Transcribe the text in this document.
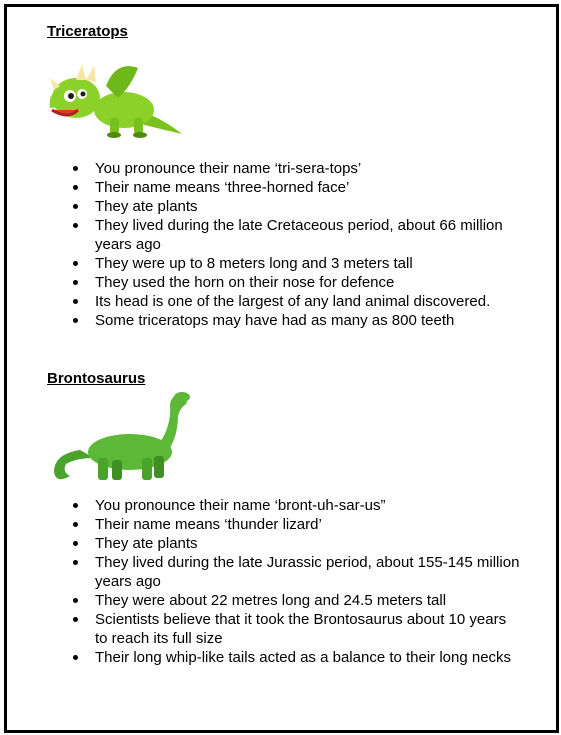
Triceratops
You pronounce their name ‘tri-sera-tops’
Their name means ‘three-horned face’
They ate plants
They lived during the late Cretaceous period, about 66 million years ago
They were up to 8 meters long and 3 meters tall
They used the horn on their nose for defence
Its head is one of the largest of any land animal discovered.
Some triceratops may have had as many as 800 teeth
Brontosaurus
You pronounce their name ‘bront-uh-sar-us”
Their name means ‘thunder lizard’
They ate plants
They lived during the late Jurassic period, about 155-145 million years ago
They were about 22 metres long and 24.5 meters tall
Scientists believe that it took the Brontosaurus about 10 years to reach its full size
Their long whip-like tails acted as a balance to their long necks
